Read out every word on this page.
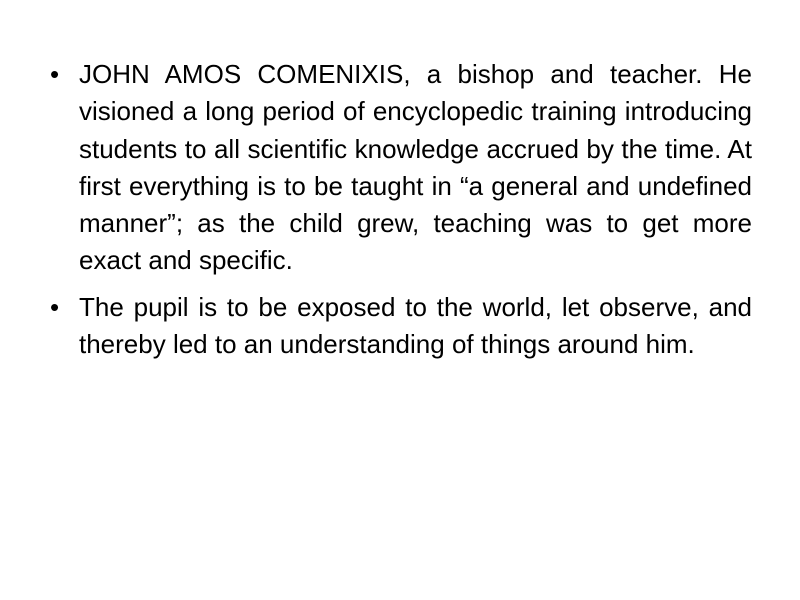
• JOHN AMOS COMENIXIS, a bishop and teacher. He visioned a long period of encyclopedic training introducing students to all scientific knowledge accrued by the time. At first everything is to be taught in “a general and undefined manner”; as the child grew, teaching was to get more exact and specific.
• The pupil is to be exposed to the world, let observe, and thereby led to an understanding of things around him.
